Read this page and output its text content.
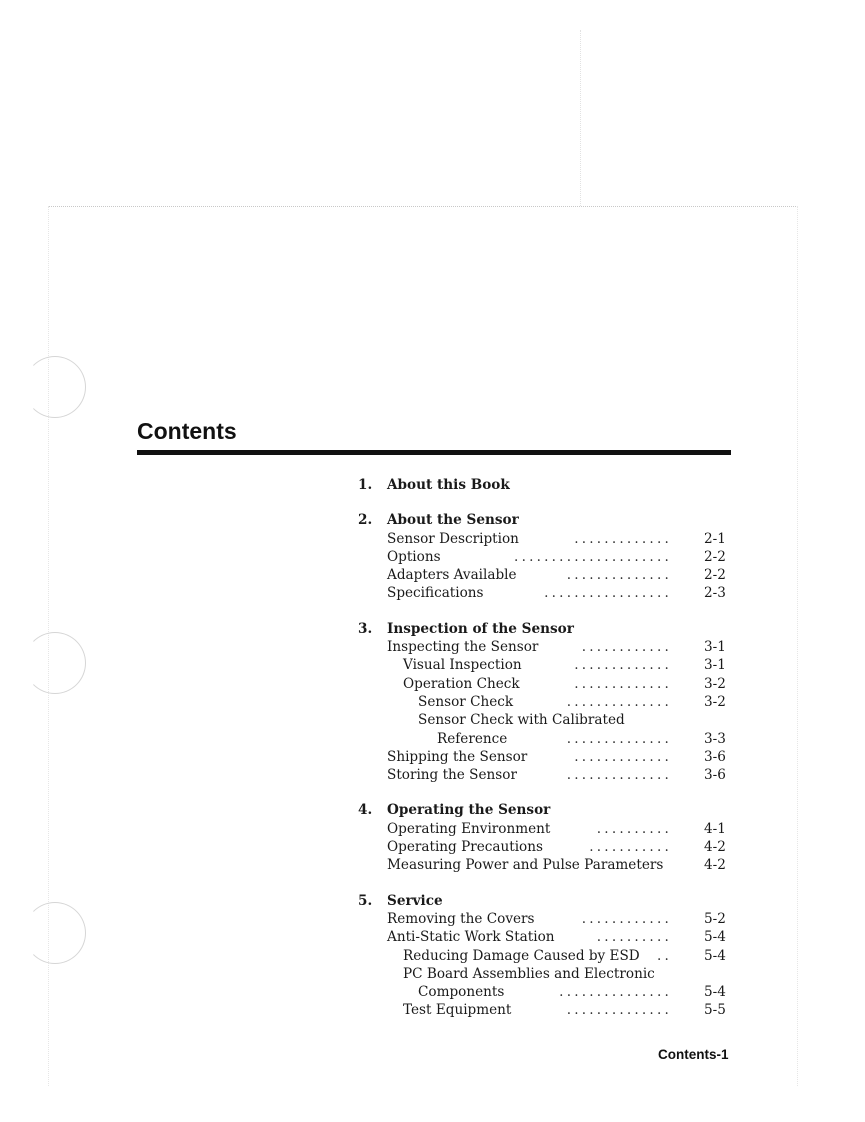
Contents
1. About this Book
2. About the Sensor
Sensor Description	............. 2-1
Options	..................... 2-2
Adapters Available	.............. 2-2
Specifications	................. 2-3
3. Inspection of the Sensor
Inspecting the Sensor	............ 3-1
Visual Inspection	............. 3-1
Operation Check	............. 3-2
Sensor Check	.............. 3-2
Sensor Check with Calibrated
Reference	.............. 3-3
Shipping the Sensor	............. 3-6
Storing the Sensor	.............. 3-6
4. Operating the Sensor
Operating Environment	.......... 4-1
Operating Precautions	........... 4-2
Measuring Power and Pulse Parameters	4-2
5. Service
Removing the Covers	............ 5-2
Anti-Static Work Station	.......... 5-4
Reducing Damage Caused by ESD .. 5-4
PC Board Assemblies and Electronic
Components	............... 5-4
Test Equipment	.............. 5-5
Contents-1
